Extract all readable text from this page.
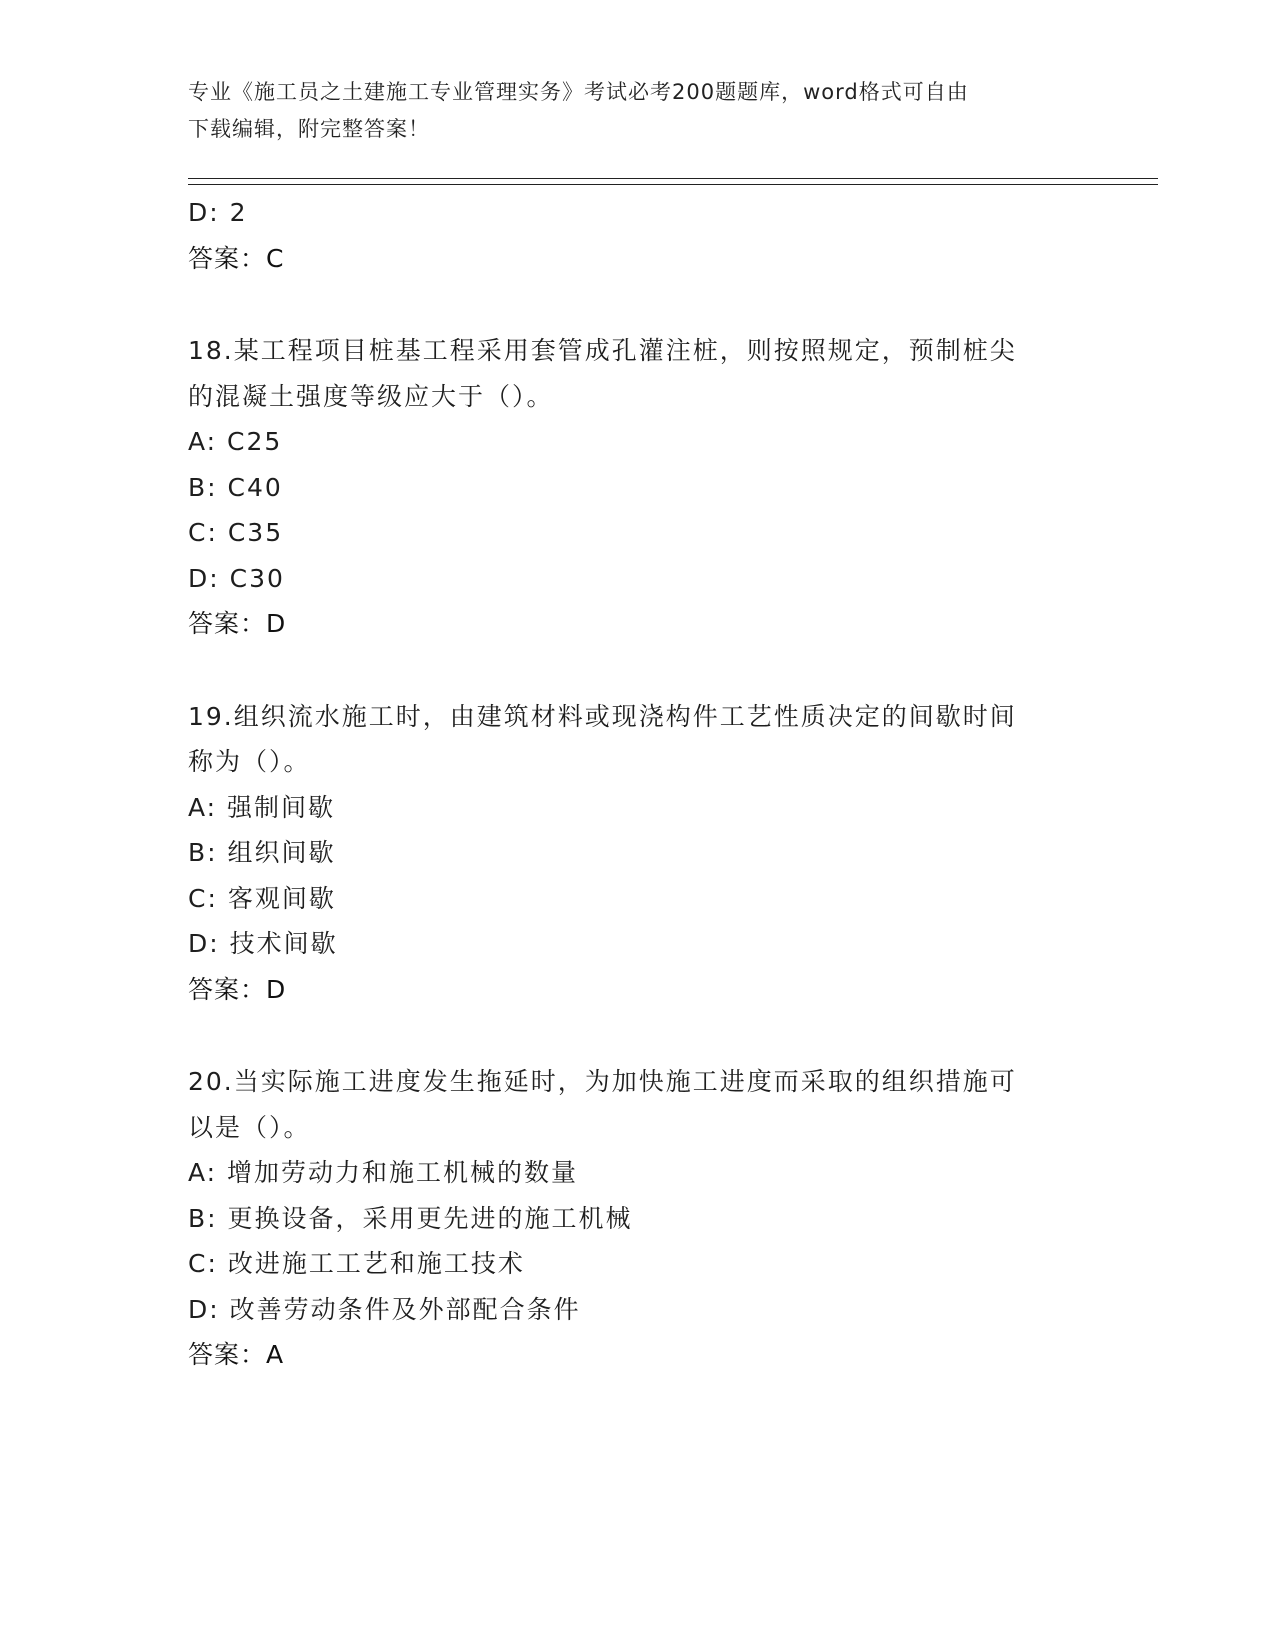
专业《施工员之土建施工专业管理实务》考试必考200题题库，word格式可自由
下载编辑，附完整答案！
D: 2
答案：C
18.某工程项目桩基工程采用套管成孔灌注桩，则按照规定，预制桩尖
的混凝土强度等级应大于（）。
A: C25
B: C40
C: C35
D: C30
答案：D
19.组织流水施工时，由建筑材料或现浇构件工艺性质决定的间歇时间
称为（）。
A: 强制间歇
B: 组织间歇
C: 客观间歇
D: 技术间歇
答案：D
20.当实际施工进度发生拖延时，为加快施工进度而采取的组织措施可
以是（）。
A: 增加劳动力和施工机械的数量
B: 更换设备，采用更先进的施工机械
C: 改进施工工艺和施工技术
D: 改善劳动条件及外部配合条件
答案：A
